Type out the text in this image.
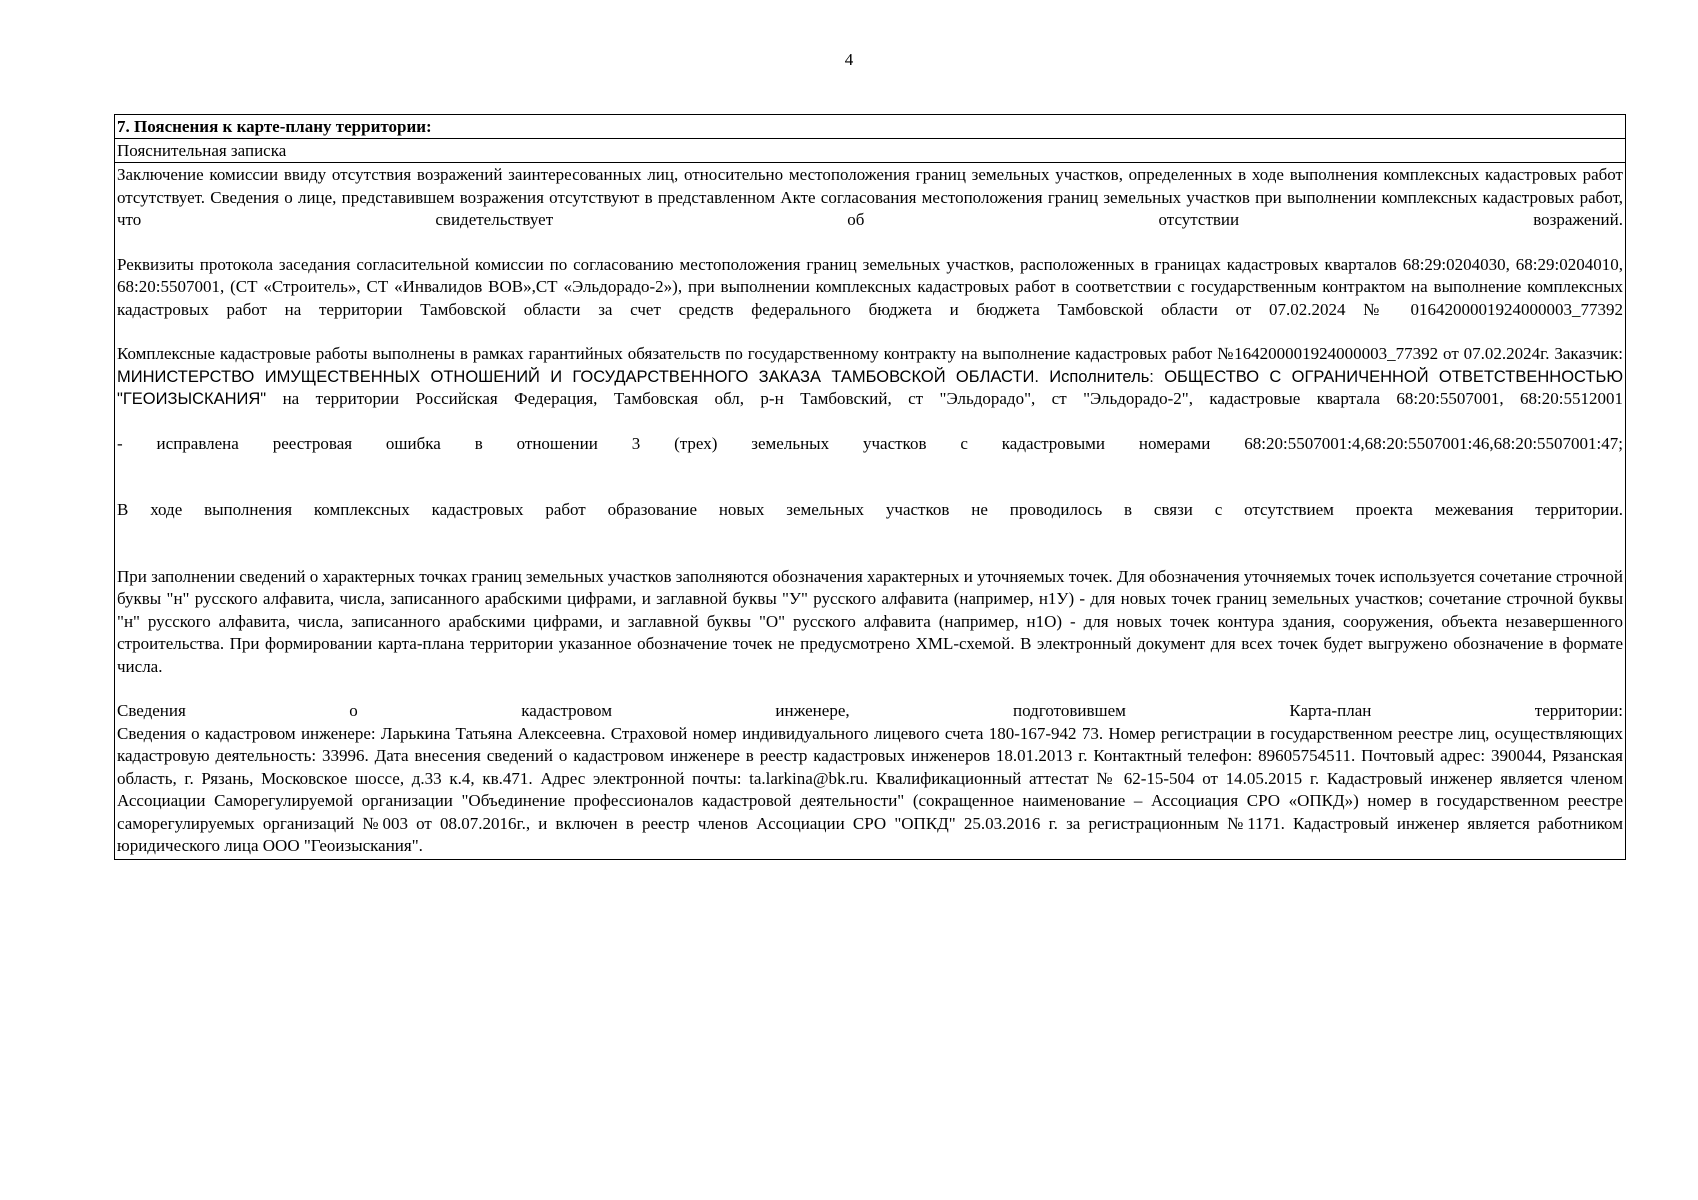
4
7. Пояснения к карте-плану территории:
Пояснительная записка

Заключение комиссии ввиду отсутствия возражений заинтересованных лиц, относительно местоположения границ земельных участков, определенных в ходе выполнения комплексных кадастровых работ отсутствует. Сведения о лице, представившем возражения отсутствуют в представленном Акте согласования местоположения границ земельных участков при выполнении комплексных кадастровых работ, что свидетельствует об отсутствии возражений.

Реквизиты протокола заседания согласительной комиссии по согласованию местоположения границ земельных участков, расположенных в границах кадастровых кварталов 68:29:0204030, 68:29:0204010, 68:20:5507001, (СТ «Строитель», СТ «Инвалидов ВОВ»,СТ «Эльдорадо-2»), при выполнении комплексных кадастровых работ в соответствии с государственным контрактом на выполнение комплексных кадастровых работ на территории Тамбовской области за счет средств федерального бюджета и бюджета Тамбовской области от 07.02.2024 № 0164200001924000003_77392

Комплексные кадастровые работы выполнены в рамках гарантийных обязательств по государственному контракту на выполнение кадастровых работ №164200001924000003_77392 от 07.02.2024г. Заказчик: МИНИСТЕРСТВО ИМУЩЕСТВЕННЫХ ОТНОШЕНИЙ И ГОСУДАРСТВЕННОГО ЗАКАЗА ТАМБОВСКОЙ ОБЛАСТИ. Исполнитель: ОБЩЕСТВО С ОГРАНИЧЕННОЙ ОТВЕТСТВЕННОСТЬЮ "ГЕОИЗЫСКАНИЯ" на территории Российская Федерация, Тамбовская обл, р-н Тамбовский, ст "Эльдорадо", ст "Эльдорадо-2", кадастровые квартала 68:20:5507001, 68:20:5512001

- исправлена реестровая ошибка в отношении 3 (трех) земельных участков с кадастровыми номерами 68:20:5507001:4,68:20:5507001:46,68:20:5507001:47;

В ходе выполнения комплексных кадастровых работ образование новых земельных участков не проводилось в связи с отсутствием проекта межевания территории.

При заполнении сведений о характерных точках границ земельных участков заполняются обозначения характерных и уточняемых точек. Для обозначения уточняемых точек используется сочетание строчной буквы "н" русского алфавита, числа, записанного арабскими цифрами, и заглавной буквы "У" русского алфавита (например, н1У) - для новых точек границ земельных участков; сочетание строчной буквы "н" русского алфавита, числа, записанного арабскими цифрами, и заглавной буквы "О" русского алфавита (например, н1О) - для новых точек контура здания, сооружения, объекта незавершенного строительства. При формировании карта-плана территории указанное обозначение точек не предусмотрено XML-схемой. В электронный документ для всех точек будет выгружено обозначение в формате числа.

Сведения о кадастровом инженере, подготовившем Карта-план территории:

Сведения о кадастровом инженере: Ларькина Татьяна Алексеевна. Страховой номер индивидуального лицевого счета 180-167-942 73. Номер регистрации в государственном реестре лиц, осуществляющих кадастровую деятельность: 33996. Дата внесения сведений о кадастровом инженере в реестр кадастровых инженеров 18.01.2013 г. Контактный телефон: 89605754511. Почтовый адрес: 390044, Рязанская область, г. Рязань, Московское шоссе, д.33 к.4, кв.471. Адрес электронной почты: ta.larkina@bk.ru. Квалификационный аттестат № 62-15-504 от 14.05.2015 г. Кадастровый инженер является членом Ассоциации Саморегулируемой организации "Объединение профессионалов кадастровой деятельности" (сокращенное наименование – Ассоциация СРО «ОПКД») номер в государственном реестре саморегулируемых организаций №003 от 08.07.2016г., и включен в реестр членов Ассоциации СРО "ОПКД" 25.03.2016 г. за регистрационным №1171. Кадастровый инженер является работником юридического лица ООО "Геоизыскания".
